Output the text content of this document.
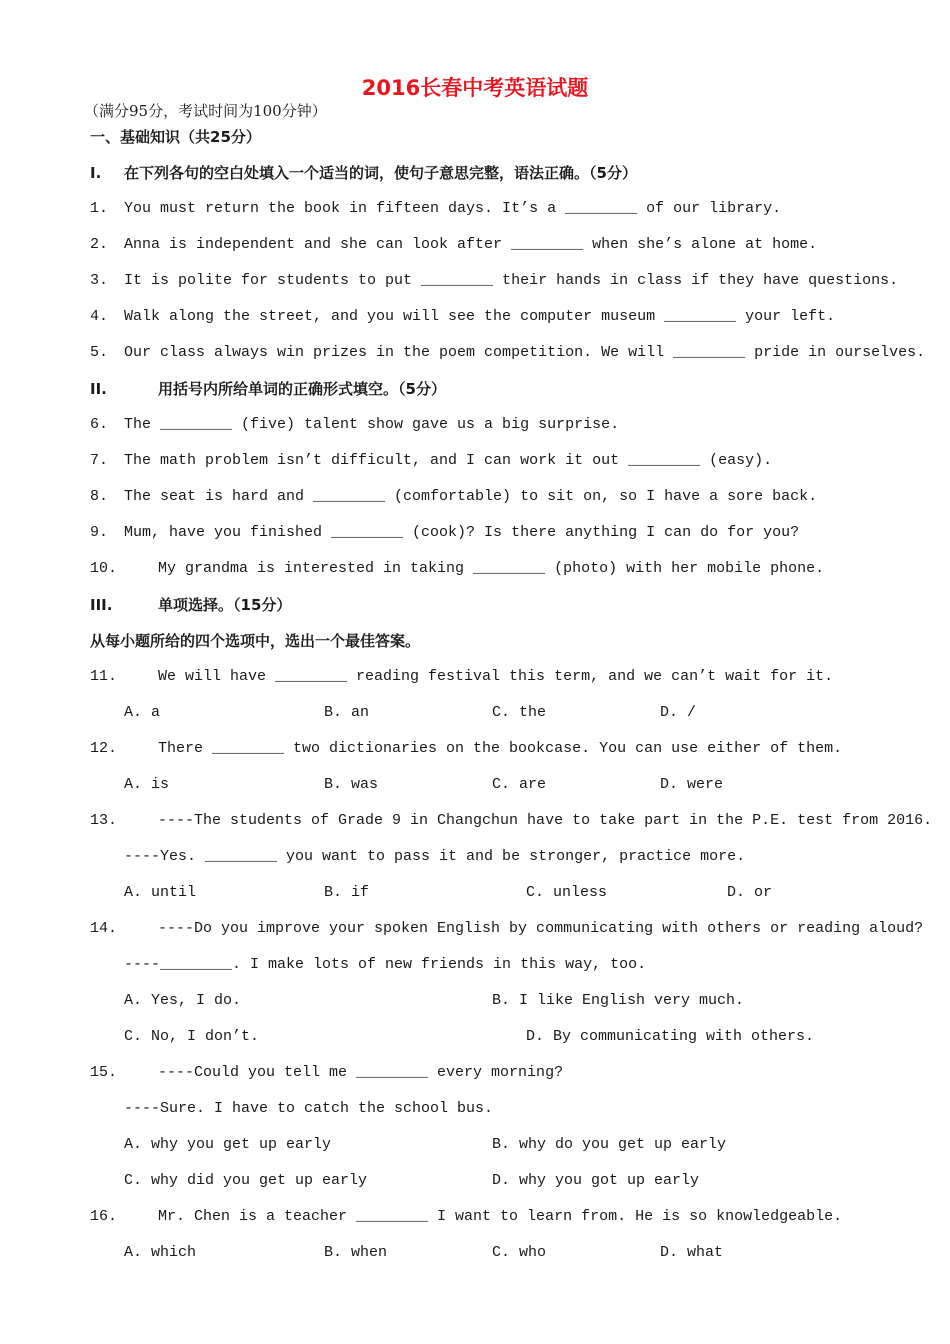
2016长春中考英语试题
（满分95分，考试时间为100分钟）
一、基础知识（共25分）
I. 在下列各句的空白处填入一个适当的词，使句子意思完整，语法正确。（5分）
1. You must return the book in fifteen days. It’s a ________ of our library.
2. Anna is independent and she can look after ________ when she’s alone at home.
3. It is polite for students to put ________ their hands in class if they have questions.
4. Walk along the street, and you will see the computer museum ________ your left.
5. Our class always win prizes in the poem competition. We will ________ pride in ourselves.
II.	用括号内所给单词的正确形式填空。（5分）
6. The ________ (five) talent show gave us a big surprise.
7. The math problem isn’t difficult, and I can work it out ________ (easy).
8. The seat is hard and ________ (comfortable) to sit on, so I have a sore back.
9. Mum, have you finished ________ (cook)? Is there anything I can do for you?
10.	My grandma is interested in taking ________ (photo) with her mobile phone.
III.	单项选择。（15分）
从每小题所给的四个选项中，选出一个最佳答案。
11.	We will have ________ reading festival this term, and we can’t wait for it.
A. a	B. an	C. the	D. /
12.	There ________ two dictionaries on the bookcase. You can use either of them.
A. is	B. was	C. are	D. were
13.	----The students of Grade 9 in Changchun have to take part in the P.E. test from 2016.
----Yes. ________ you want to pass it and be stronger, practice more.
A. until	B. if	C. unless	D. or
14.	----Do you improve your spoken English by communicating with others or reading aloud?
----________. I make lots of new friends in this way, too.
A. Yes, I do.	B. I like English very much.
C. No, I don’t.	D. By communicating with others.
15.	----Could you tell me ________ every morning?
----Sure. I have to catch the school bus.
A. why you get up early	B. why do you get up early
C. why did you get up early	D. why you got up early
16.	Mr. Chen is a teacher ________ I want to learn from. He is so knowledgeable.
A. which	B. when	C. who	D. what
